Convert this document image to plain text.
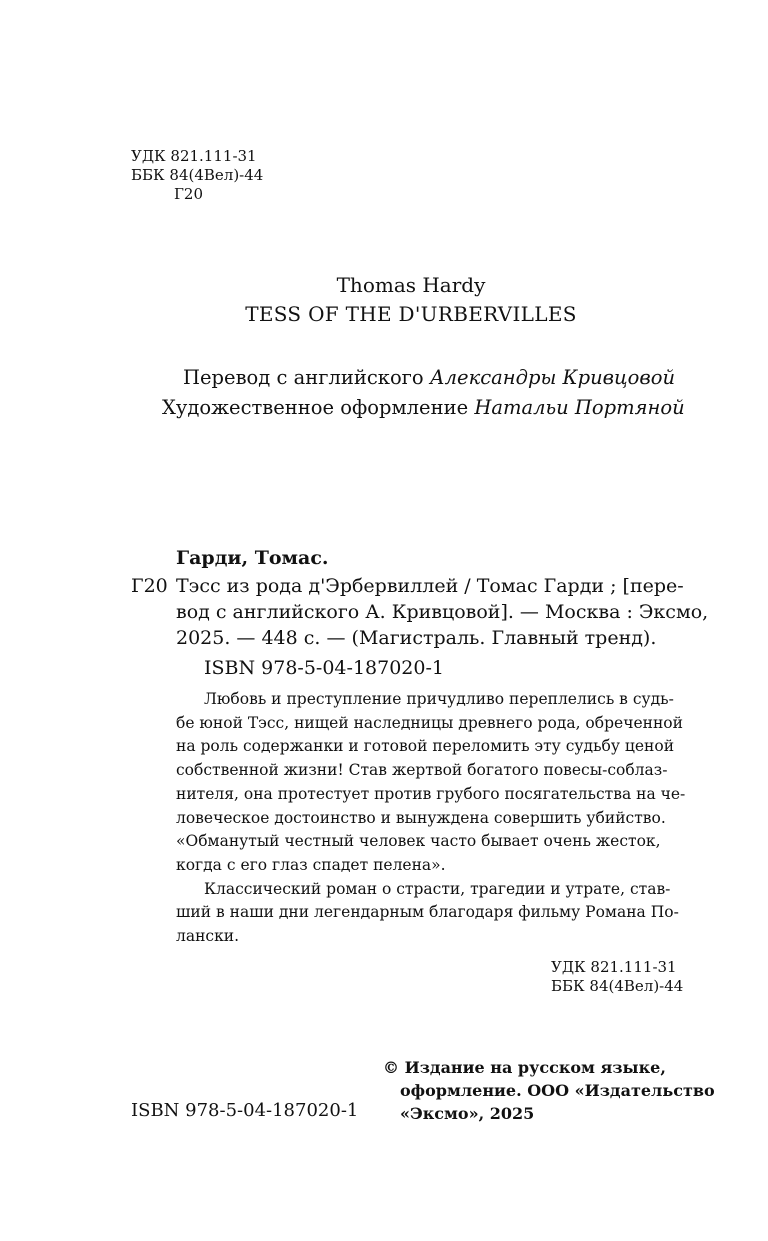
УДК 821.111-31
ББК 84(4Вел)-44
Г20
Thomas Hardy
TESS OF THE D'URBERVILLES
Перевод с английского Александры Кривцовой
Художественное оформление Натальи Портяной
Гарди, Томас.
Г20 Тэсс из рода д'Эрбервиллей / Томас Гарди ; [пере-
вод с английского А. Кривцовой]. — Москва : Эксмо,
2025. — 448 с. — (Магистраль. Главный тренд).
ISBN 978-5-04-187020-1
Любовь и преступление причудливо переплелись в судь-
бе юной Тэсс, нищей наследницы древнего рода, обреченной
на роль содержанки и готовой переломить эту судьбу ценой
собственной жизни! Став жертвой богатого повесы-соблаз-
нителя, она протестует против грубого посягательства на че-
ловеческое достоинство и вынуждена совершить убийство.
«Обманутый честный человек часто бывает очень жесток,
когда с его глаз спадет пелена».
Классический роман о страсти, трагедии и утрате, став-
ший в наши дни легендарным благодаря фильму Романа По-
лански.
УДК 821.111-31
ББК 84(4Вел)-44
ISBN 978-5-04-187020-1
© Издание на русском языке,
оформление. ООО «Издательство
«Эксмо», 2025
